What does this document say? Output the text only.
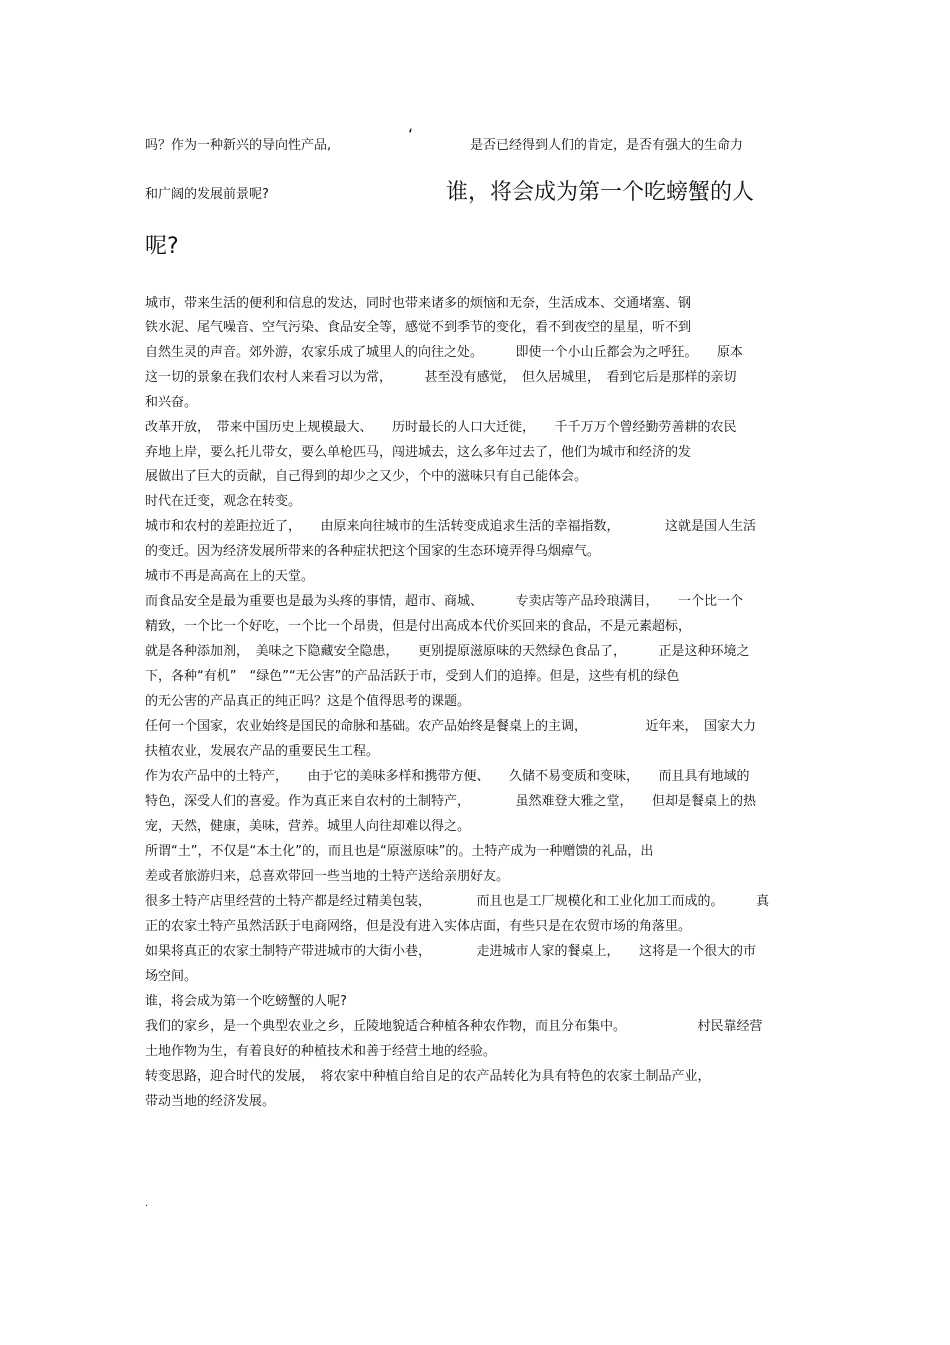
吗？作为一种新兴的导向性产品,
‘
是否已经得到人们的肯定，是否有强大的生命力
和广阔的发展前景呢?	谁，将会成为第一个吃螃蟹的人
呢?
城市，带来生活的便利和信息的发达，同时也带来诸多的烦恼和无奈，生活成本、交通堵塞、钢
铁水泥、尾气噪音、空气污染、食品安全等，感觉不到季节的变化，看不到夜空的星星，听不到
自然生灵的声音。郊外游，农家乐成了城里人的向往之处。　　　即使一个小山丘都会为之呼狂。　　原本
这一切的景象在我们农村人来看习以为常，　　　甚至没有感觉，　但久居城里，　看到它后是那样的亲切
和兴奋。
改革开放，　带来中国历史上规模最大、　　历时最长的人口大迁徙，　　千千万万个曾经勤劳善耕的农民
弃地上岸，要么托儿带女，要么单枪匹马，闯进城去，这么多年过去了，他们为城市和经济的发
展做出了巨大的贡献，自己得到的却少之又少，个中的滋味只有自己能体会。
时代在迁变，观念在转变。
城市和农村的差距拉近了，　　由原来向往城市的生活转变成追求生活的幸福指数，　　　　这就是国人生活
的变迁。因为经济发展所带来的各种症状把这个国家的生态环境弄得乌烟瘴气。
城市不再是高高在上的天堂。
而食品安全是最为重要也是最为头疼的事情，超市、商城、　　　专卖店等产品玲琅满目，　　一个比一个
精致，一个比一个好吃，一个比一个昂贵，但是付出高成本代价买回来的食品，不是元素超标，
就是各种添加剂，　美味之下隐藏安全隐患，　　更别提原滋原味的天然绿色食品了，　　　正是这种环境之
下，各种“有机”　“绿色”“无公害”的产品活跃于市，受到人们的追捧。但是，这些有机的绿色
的无公害的产品真正的纯正吗？这是个值得思考的课题。
任何一个国家，农业始终是国民的命脉和基础。农产品始终是餐桌上的主调，　　　　　近年来，　国家大力
扶植农业，发展农产品的重要民生工程。
作为农产品中的土特产，　　由于它的美味多样和携带方便、　　久储不易变质和变味，　　而且具有地域的
特色，深受人们的喜爱。作为真正来自农村的土制特产，　　　　虽然难登大雅之堂，　　但却是餐桌上的热
宠，天然，健康，美味，营养。城里人向往却难以得之。
所谓“土”，不仅是“本土化”的，而且也是“原滋原味”的。土特产成为一种赠馈的礼品，出
差或者旅游归来，总喜欢带回一些当地的土特产送给亲朋好友。
很多土特产店里经营的土特产都是经过精美包装，　　　　而且也是工厂规模化和工业化加工而成的。　　　真
正的农家土特产虽然活跃于电商网络，但是没有进入实体店面，有些只是在农贸市场的角落里。
如果将真正的农家土制特产带进城市的大街小巷，　　　　走进城市人家的餐桌上，　　这将是一个很大的市
场空间。
谁，将会成为第一个吃螃蟹的人呢?
我们的家乡，是一个典型农业之乡，丘陵地貌适合种植各种农作物，而且分布集中。　　　　　　村民靠经营
土地作物为生，有着良好的种植技术和善于经营土地的经验。
转变思路，迎合时代的发展，　将农家中种植自给自足的农产品转化为具有特色的农家土制品产业，
带动当地的经济发展。
.
